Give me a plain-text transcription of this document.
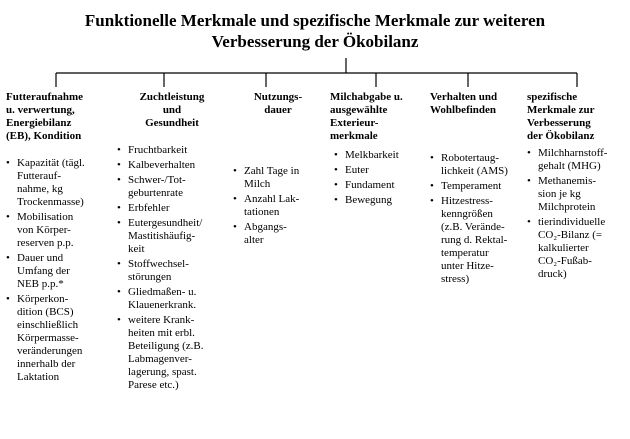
Funktionelle Merkmale und spezifische Merkmale zur weiteren
Verbesserung der Ökobilanz
Futteraufnahme
u. verwertung,
Energiebilanz
(EB), Kondition
• Kapazität (tägl.
Futterauf-
nahme, kg
Trockenmasse)
• Mobilisation
von Körper-
reserven p.p.
• Dauer und
Umfang der
NEB p.p.*
• Körperkon-
dition (BCS)
einschließlich
Körpermasse-
veränderungen
innerhalb der
Laktation
Zuchtleistung
und
Gesundheit
• Fruchtbarkeit
• Kalbeverhalten
• Schwer-/Tot-
geburtenrate
• Erbfehler
• Eutergesundheit/
Mastitishäufig-
keit
• Stoffwechsel-
störungen
• Gliedmaßen- u.
Klauenerkrank.
• weitere Krank-
heiten mit erbl.
Beteiligung (z.B.
Labmagenver-
lagerung, spast.
Parese etc.)
Nutzungs-
dauer
• Zahl Tage in
Milch
• Anzahl Lak-
tationen
• Abgangs-
alter
Milchabgabe u.
ausgewählte
Exterieur-
merkmale
• Melkbarkeit
• Euter
• Fundament
• Bewegung
Verhalten und
Wohlbefinden
• Robotertaug-
lichkeit (AMS)
• Temperament
• Hitzestress-
kenngrößen
(z.B. Verände-
rung d. Rektal-
temperatur
unter Hitze-
stress)
spezifische
Merkmale zur
Verbesserung
der Ökobilanz
• Milchharnstoff-
gehalt (MHG)
• Methanemis-
sion je kg
Milchprotein
• tierindividuelle
CO₂-Bilanz (=
kalkulierter
CO₂-Fußab-
druck)
